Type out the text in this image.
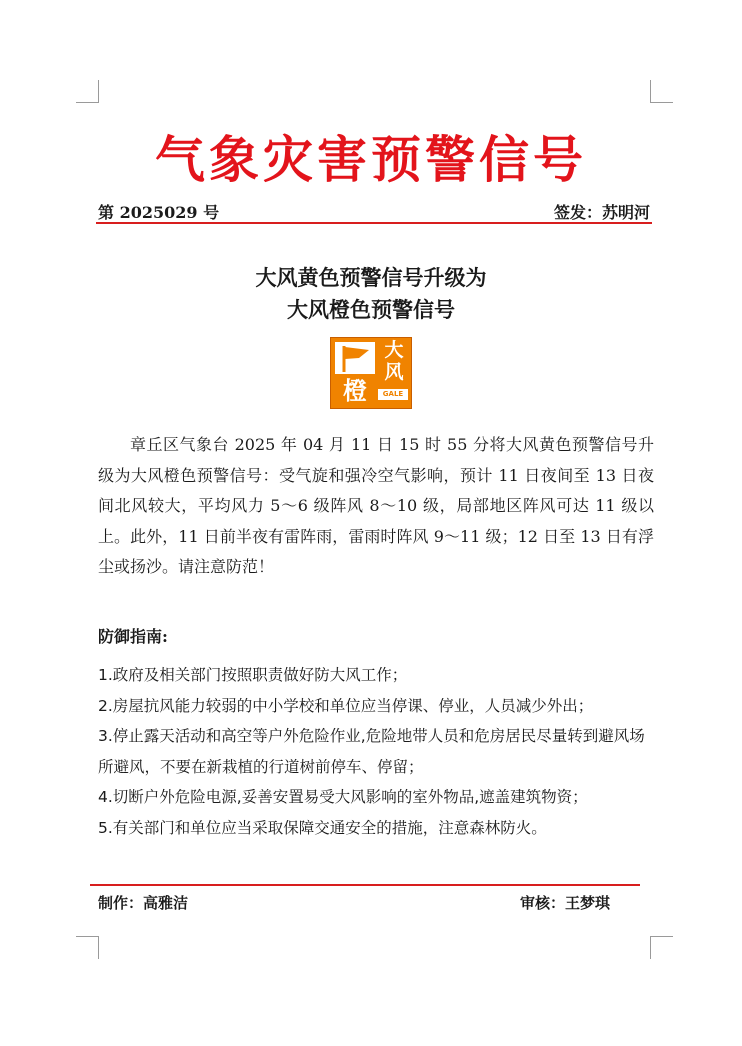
气象灾害预警信号
第 2025029 号	签发：苏明河
大风黄色预警信号升级为
大风橙色预警信号
橙
大
风
GALE
章丘区气象台 2025 年 04 月 11 日 15 时 55 分将大风黄色预警信号升级为大风橙色预警信号：受气旋和强冷空气影响，预计 11 日夜间至 13 日夜间北风较大，平均风力 5～6 级阵风 8～10 级，局部地区阵风可达 11 级以上。此外，11 日前半夜有雷阵雨，雷雨时阵风 9～11 级；12 日至 13 日有浮尘或扬沙。请注意防范！
防御指南:
1.政府及相关部门按照职责做好防大风工作；
2.房屋抗风能力较弱的中小学校和单位应当停课、停业，人员减少外出；
3.停止露天活动和高空等户外危险作业,危险地带人员和危房居民尽量转到避风场所避风，不要在新栽植的行道树前停车、停留；
4.切断户外危险电源,妥善安置易受大风影响的室外物品,遮盖建筑物资；
5.有关部门和单位应当采取保障交通安全的措施，注意森林防火。
制作：高雅洁	审核：王梦琪
